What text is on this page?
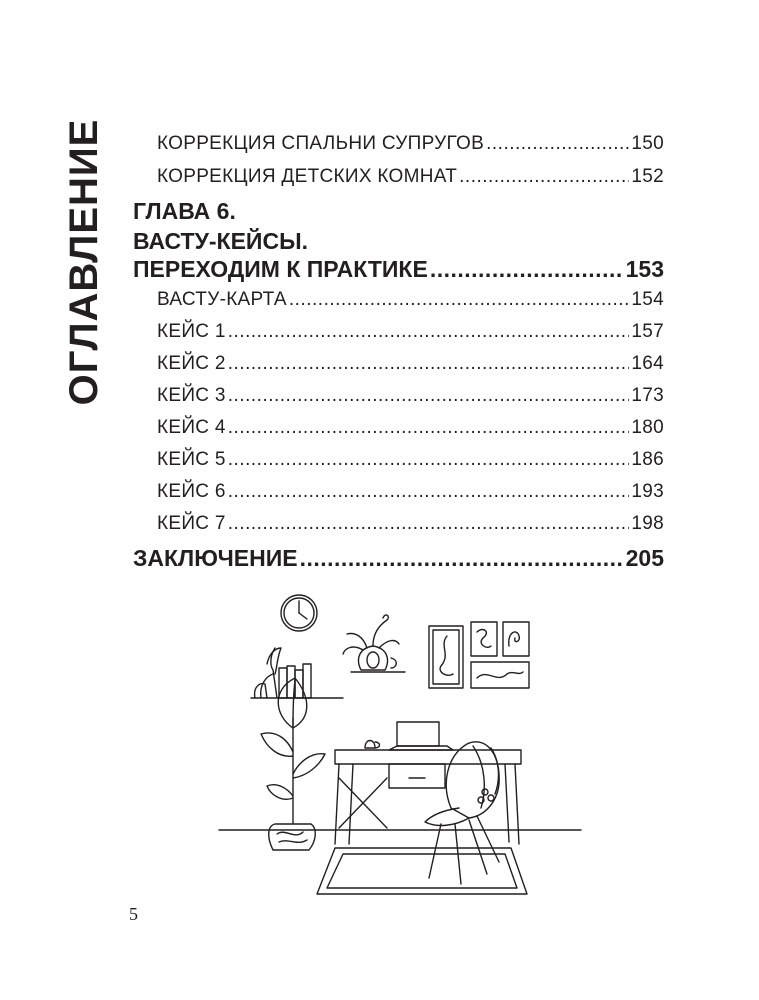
ОГЛАВЛЕНИЕ	КОРРЕКЦИЯ СПАЛЬНИ СУПРУГОВ .....	150
КОРРЕКЦИЯ ДЕТСКИХ КОМНАТ .....	152
ГЛАВА 6.
ВАСТУ-КЕЙСЫ.
ПЕРЕХОДИМ К ПРАКТИКЕ .....	153
ВАСТУ-КАРТА .....	154
КЕЙС 1 .....	157
КЕЙС 2 .....	164
КЕЙС 3 .....	173
КЕЙС 4 .....	180
КЕЙС 5 .....	186
КЕЙС 6 .....	193
КЕЙС 7 .....	198
ЗАКЛЮЧЕНИЕ .....	205
5
